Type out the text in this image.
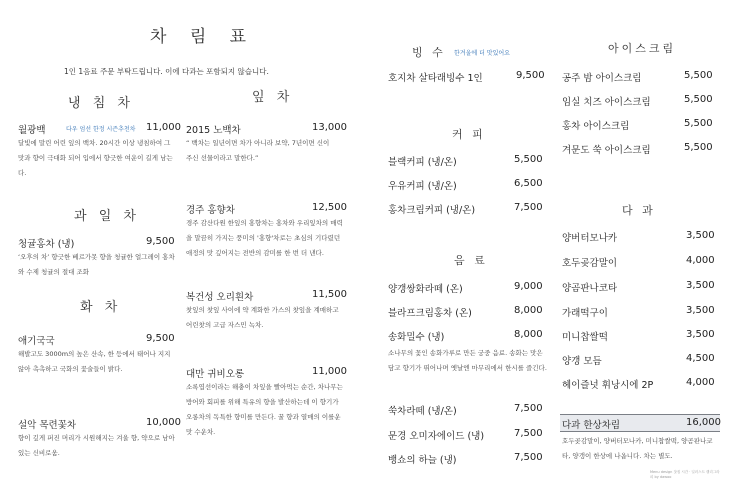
차 림 표
1인 1음료 주문 부탁드립니다. 이에 다과는 포함되지 않습니다.
냉 침 차
월광백	다우 엄선 한정 시즌추천차 11,000
달빛에 말린 어린 잎의 백차. 20시간 이상 냉침하여 그 맛과 향이 극대화 되어 입에서 향긋한 여운이 길게 남는다.
잎 차
2015 노백차	13,000
“ 백차는 일년이면 차가 아니라 보약, 7년이면 신이 주신 선물이라고 말한다.”
경주 홍향차	12,500
경주 감산다원 한잎의 홍향차는 홍차와 우리잎차의 매력을 말끔히 가지는 풍미의 '홍향'차로는 초심의 기다렸던 애정의 맛 깊어지는 전반의 감미를 한 번 더 낸다.
복건성 오리흰차	11,500
찻잎의 찻잎 사이에 약 계화한 가스의 찻잎을 계매하고 어린찻의 고급 자스민 녹차.
대만 귀비오롱	11,000
소록엽선이라는 해충이 차잎을 빨아먹는 순간, 차나무는 방어와 회피를 위해 특유의 향을 발산하는데 이 향기가 오롱차의 독특한 향미를 만든다. 꿀 향과 열매의 이를운 맛 수운차.
과 일 차
청귤홍차 (냉)	9,500
‘오후의 차’ 향긋한 베르가못 향을 청귤한 얼그레이 홍차와 수제 청귤의 절대 조화
화 차
애기국국	9,500
해발고도 3000m의 높은 산속, 한 등에서 태어나 지지 않아 촉촉하고 국화의 꽃술들이 밝다.
설악 목련꽃차	10,000
향이 깊게 퍼진 머리가 시원해지는 겨울 향, 약으로 남아있는 신비로움.
빙 수 한겨울에 더 맛있어요
호지차 살타래빙수 1인	9,500
커 피
블랙커피 (냉/온)	5,500
우유커피 (냉/온)	6,500
홍차크림커피 (냉/온)	7,500
음 료
양갱쌍화라떼 (온)	9,000
블라프크림홍차 (온)	8,000
송화밀수 (냉)	8,000
소나무의 꽃인 송화가루로 만든 궁중 음료. 송화는 맛은 담고 향기가 뛰어나며 옛날엔 마무리에서 한시를 즐긴다.
쑥차라떼 (냉/온)	7,500
문경 오미자에이드 (냉)	7,500
뱅쇼의 하늘 (냉)	7,500
아이스크림
공주 밤 아이스크림	5,500
임실 치즈 아이스크림	5,500
홍차 아이스크림	5,500
겨문도 쑥 아이스크림	5,500
다 과
양버터모나카	3,500
호두곶감말이	4,000
양곰판나코타	3,500
가래떡구이	3,500
미니찹쌀떡	3,500
양갱 모듬	4,500
헤이즐넛 휘낭시에 2P	4,000
다과 한상차림	16,000
호두곶감말이, 양버터모나카, 미니찹쌀떡, 양곰판나코타, 양갱이 한상에 나옵니다. 차는 별도.
Menu design 찻집 시간 · 일러스트 캘리그라피 by dawoo
